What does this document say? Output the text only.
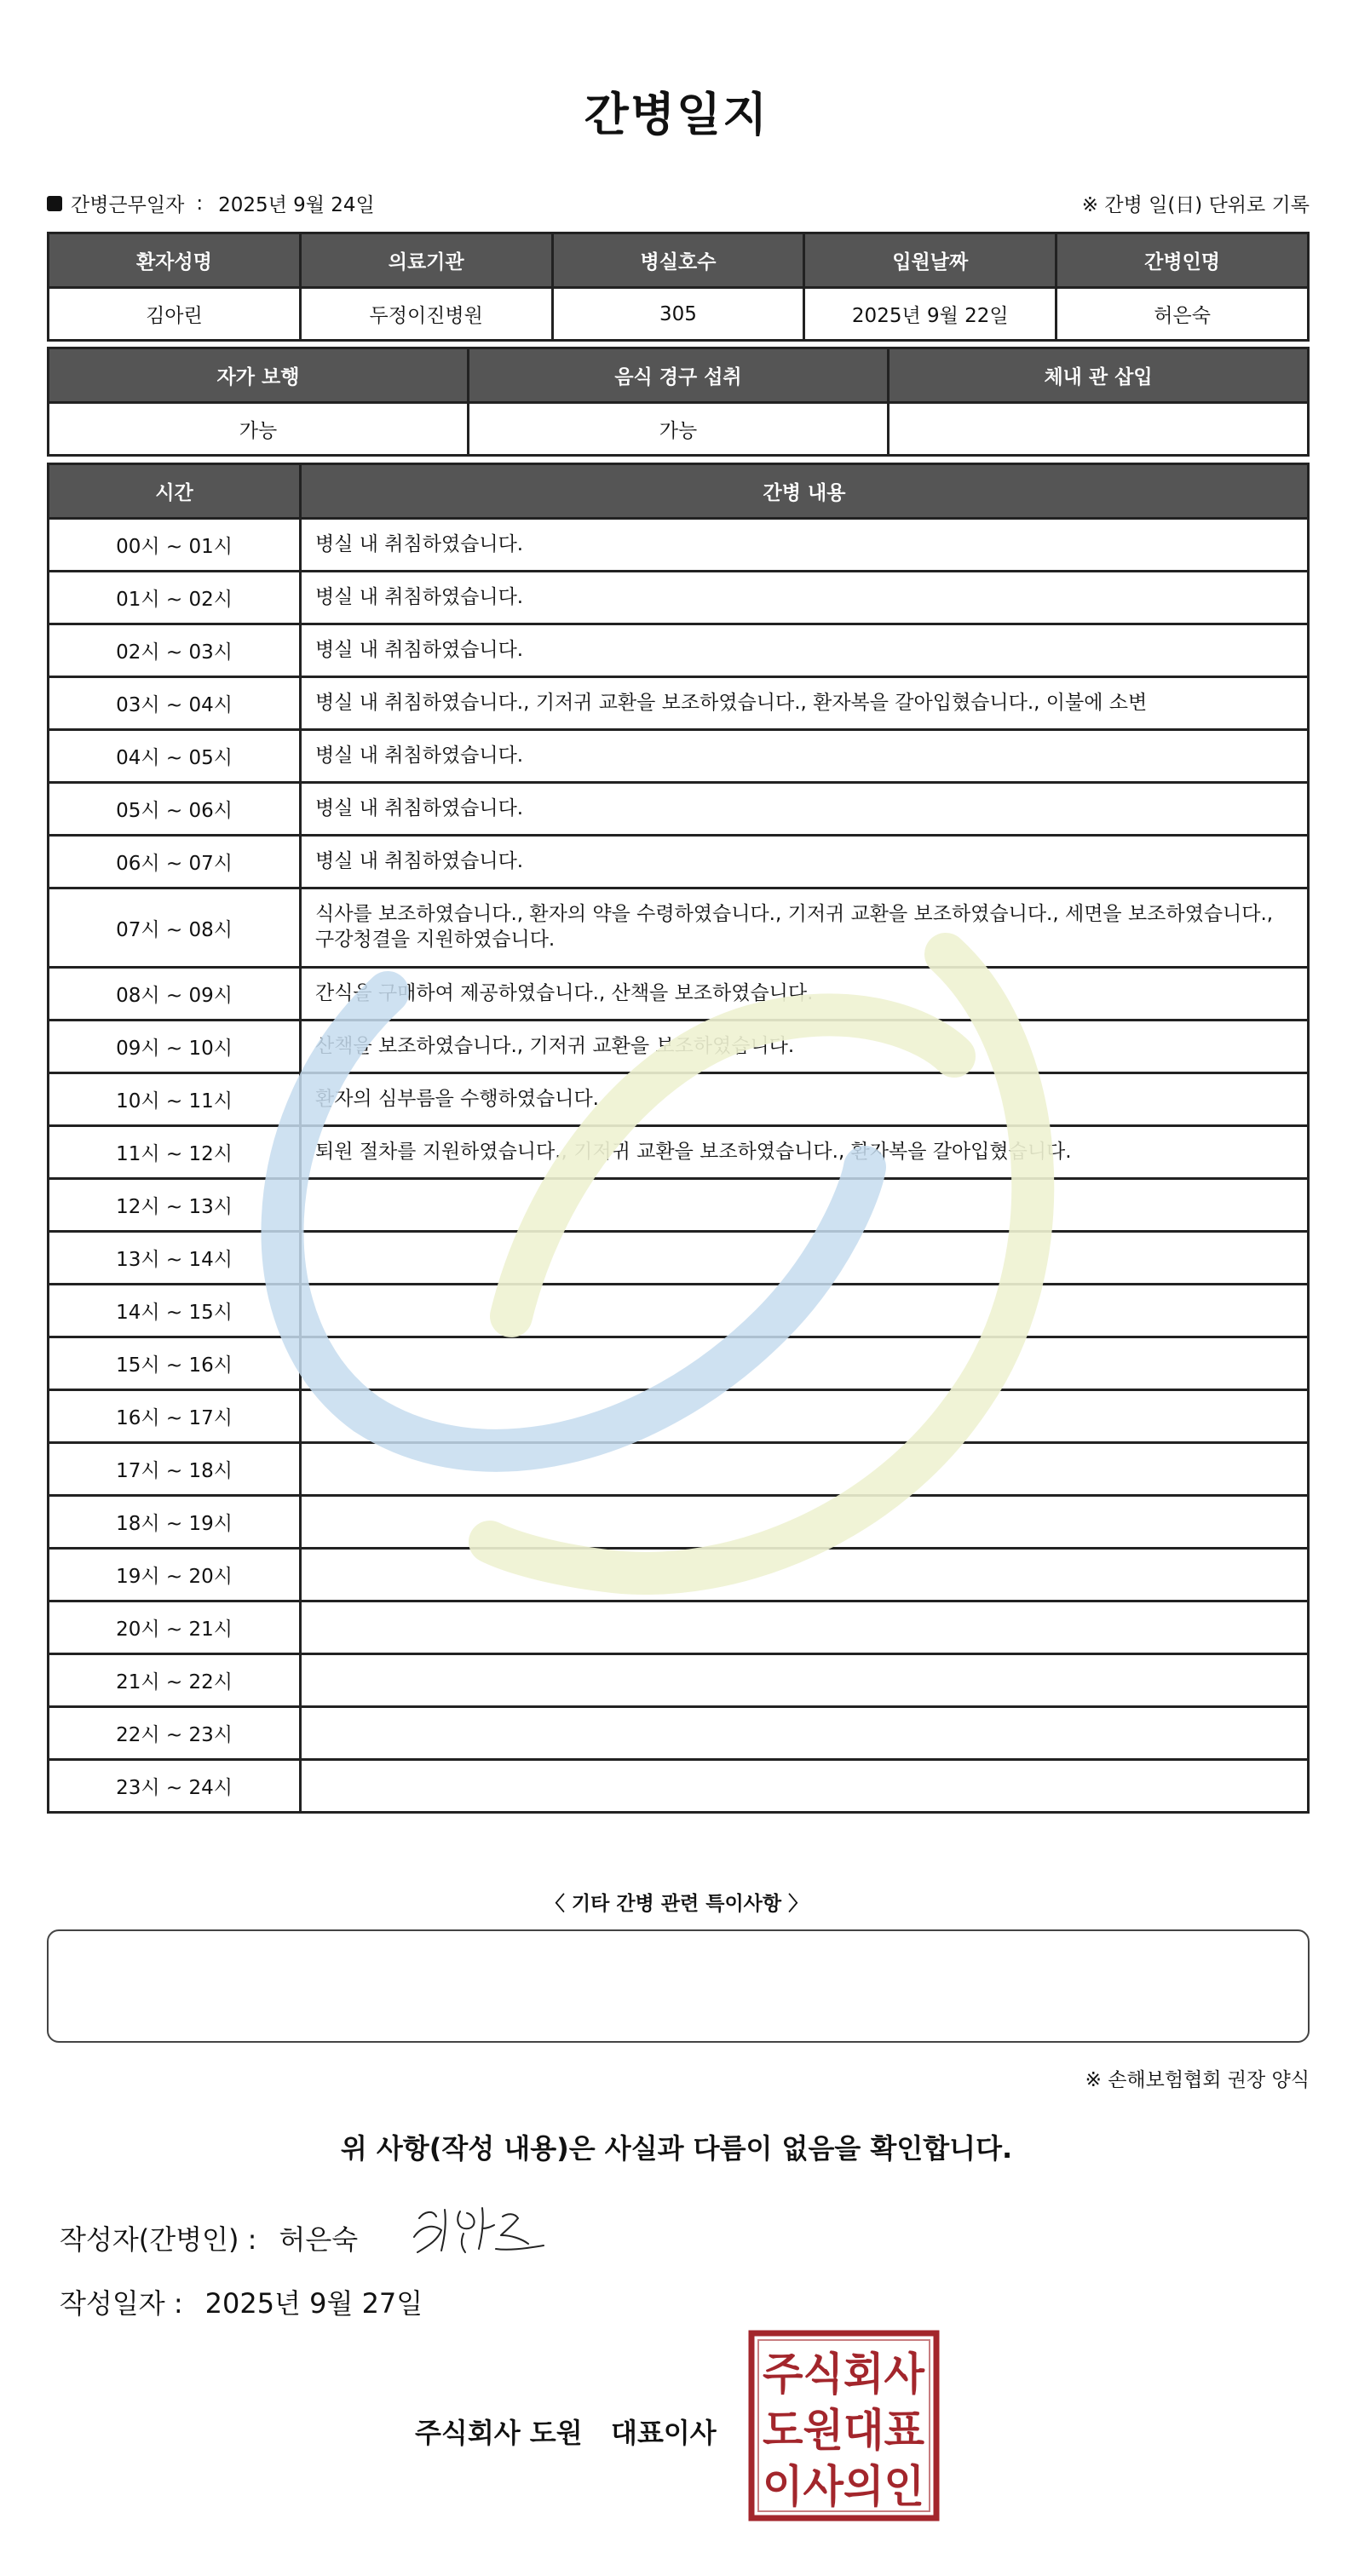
간병일지
간병근무일자 : 2025년 9월 24일	※ 간병 일(日) 단위로 기록
환자성명	의료기관	병실호수	입원날짜	간병인명
김아린	두정이진병원	305	2025년 9월 22일	허은숙
자가 보행	음식 경구 섭취	체내 관 삽입
가능	가능	
시간	간병 내용
00시 ~ 01시	병실 내 취침하였습니다.
01시 ~ 02시	병실 내 취침하였습니다.
02시 ~ 03시	병실 내 취침하였습니다.
03시 ~ 04시	병실 내 취침하였습니다., 기저귀 교환을 보조하였습니다., 환자복을 갈아입혔습니다., 이불에 소변
04시 ~ 05시	병실 내 취침하였습니다.
05시 ~ 06시	병실 내 취침하였습니다.
06시 ~ 07시	병실 내 취침하였습니다.
07시 ~ 08시	식사를 보조하였습니다., 환자의 약을 수령하였습니다., 기저귀 교환을 보조하였습니다., 세면을 보조하였습니다., 구강청결을 지원하였습니다.
08시 ~ 09시	간식을 구매하여 제공하였습니다., 산책을 보조하였습니다.
09시 ~ 10시	산책을 보조하였습니다., 기저귀 교환을 보조하였습니다.
10시 ~ 11시	환자의 심부름을 수행하였습니다.
11시 ~ 12시	퇴원 절차를 지원하였습니다., 기저귀 교환을 보조하였습니다., 환자복을 갈아입혔습니다.
12시 ~ 13시	
13시 ~ 14시	
14시 ~ 15시	
15시 ~ 16시	
16시 ~ 17시	
17시 ~ 18시	
18시 ~ 19시	
19시 ~ 20시	
20시 ~ 21시	
21시 ~ 22시	
22시 ~ 23시	
23시 ~ 24시	
〈 기타 간병 관련 특이사항 〉
※ 손해보험협회 권장 양식
위 사항(작성 내용)은 사실과 다름이 없음을 확인합니다.
작성자(간병인) : 허은숙
작성일자 : 2025년 9월 27일
주식회사 도원   대표이사
주식회사
도원대표
이사의인
